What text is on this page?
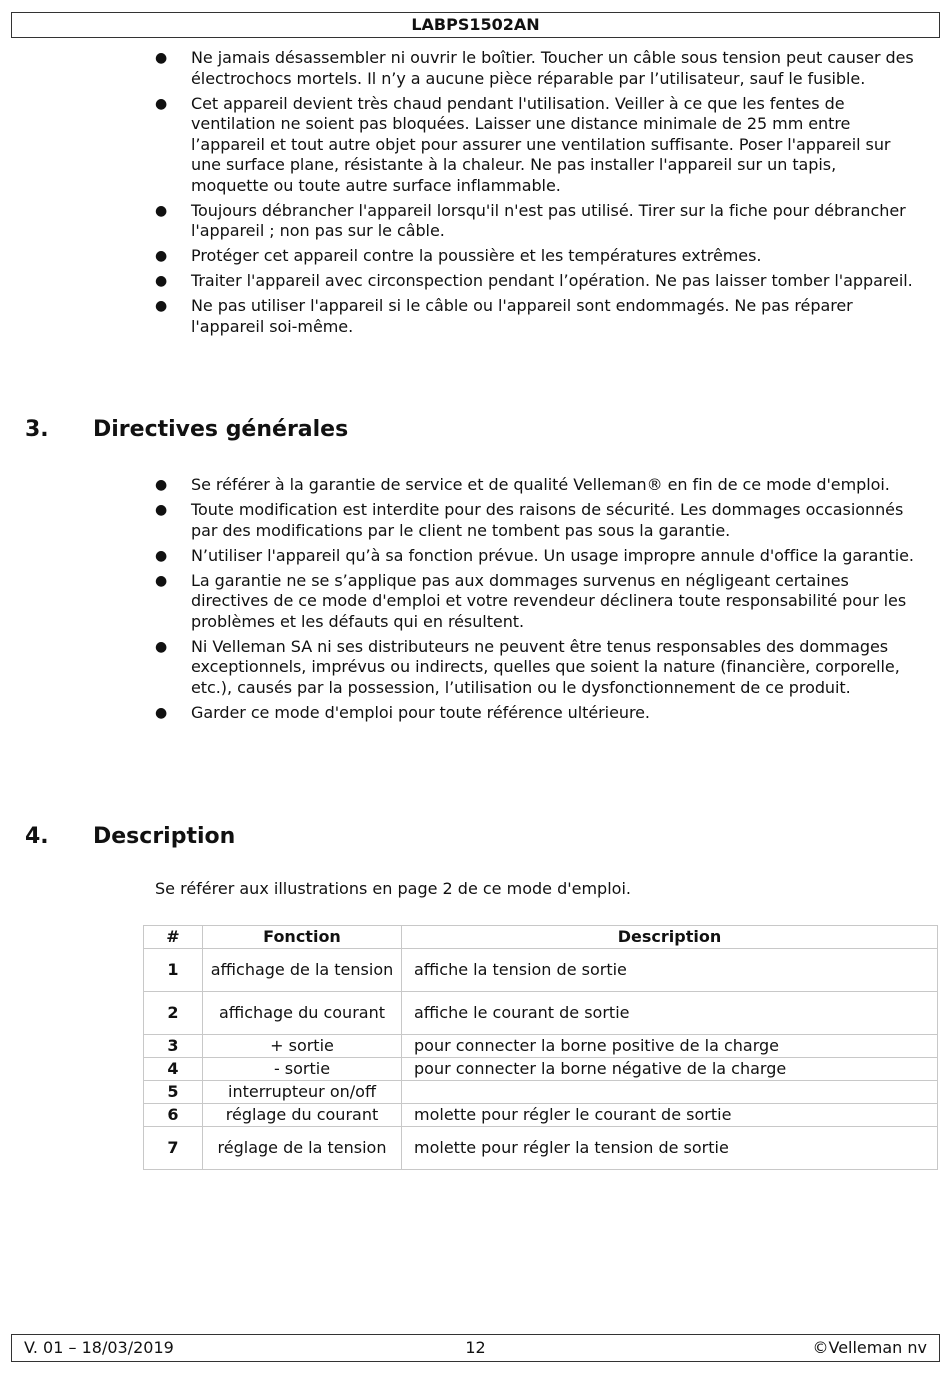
LABPS1502AN
● Ne jamais désassembler ni ouvrir le boîtier. Toucher un câble sous tension peut causer des électrochocs mortels. Il n’y a aucune pièce réparable par l’utilisateur, sauf le fusible.
● Cet appareil devient très chaud pendant l'utilisation. Veiller à ce que les fentes de ventilation ne soient pas bloquées. Laisser une distance minimale de 25 mm entre l’appareil et tout autre objet pour assurer une ventilation suffisante. Poser l'appareil sur une surface plane, résistante à la chaleur. Ne pas installer l'appareil sur un tapis, moquette ou toute autre surface inflammable.
● Toujours débrancher l'appareil lorsqu'il n'est pas utilisé. Tirer sur la fiche pour débrancher l'appareil ; non pas sur le câble.
● Protéger cet appareil contre la poussière et les températures extrêmes.
● Traiter l'appareil avec circonspection pendant l’opération. Ne pas laisser tomber l'appareil.
● Ne pas utiliser l'appareil si le câble ou l'appareil sont endommagés. Ne pas réparer l'appareil soi-même.
3. Directives générales
● Se référer à la garantie de service et de qualité Velleman® en fin de ce mode d'emploi.
● Toute modification est interdite pour des raisons de sécurité. Les dommages occasionnés par des modifications par le client ne tombent pas sous la garantie.
● N’utiliser l'appareil qu’à sa fonction prévue. Un usage impropre annule d'office la garantie.
● La garantie ne se s’applique pas aux dommages survenus en négligeant certaines directives de ce mode d'emploi et votre revendeur déclinera toute responsabilité pour les problèmes et les défauts qui en résultent.
● Ni Velleman SA ni ses distributeurs ne peuvent être tenus responsables des dommages exceptionnels, imprévus ou indirects, quelles que soient la nature (financière, corporelle, etc.), causés par la possession, l’utilisation ou le dysfonctionnement de ce produit.
● Garder ce mode d'emploi pour toute référence ultérieure.
4. Description
Se référer aux illustrations en page 2 de ce mode d'emploi.
#	Fonction	Description
1	affichage de la tension	affiche la tension de sortie
2	affichage du courant	affiche le courant de sortie
3	+ sortie	pour connecter la borne positive de la charge
4	- sortie	pour connecter la borne négative de la charge
5	interrupteur on/off	
6	réglage du courant	molette pour régler le courant de sortie
7	réglage de la tension	molette pour régler la tension de sortie
V. 01 – 18/03/2019	12	©Velleman nv
